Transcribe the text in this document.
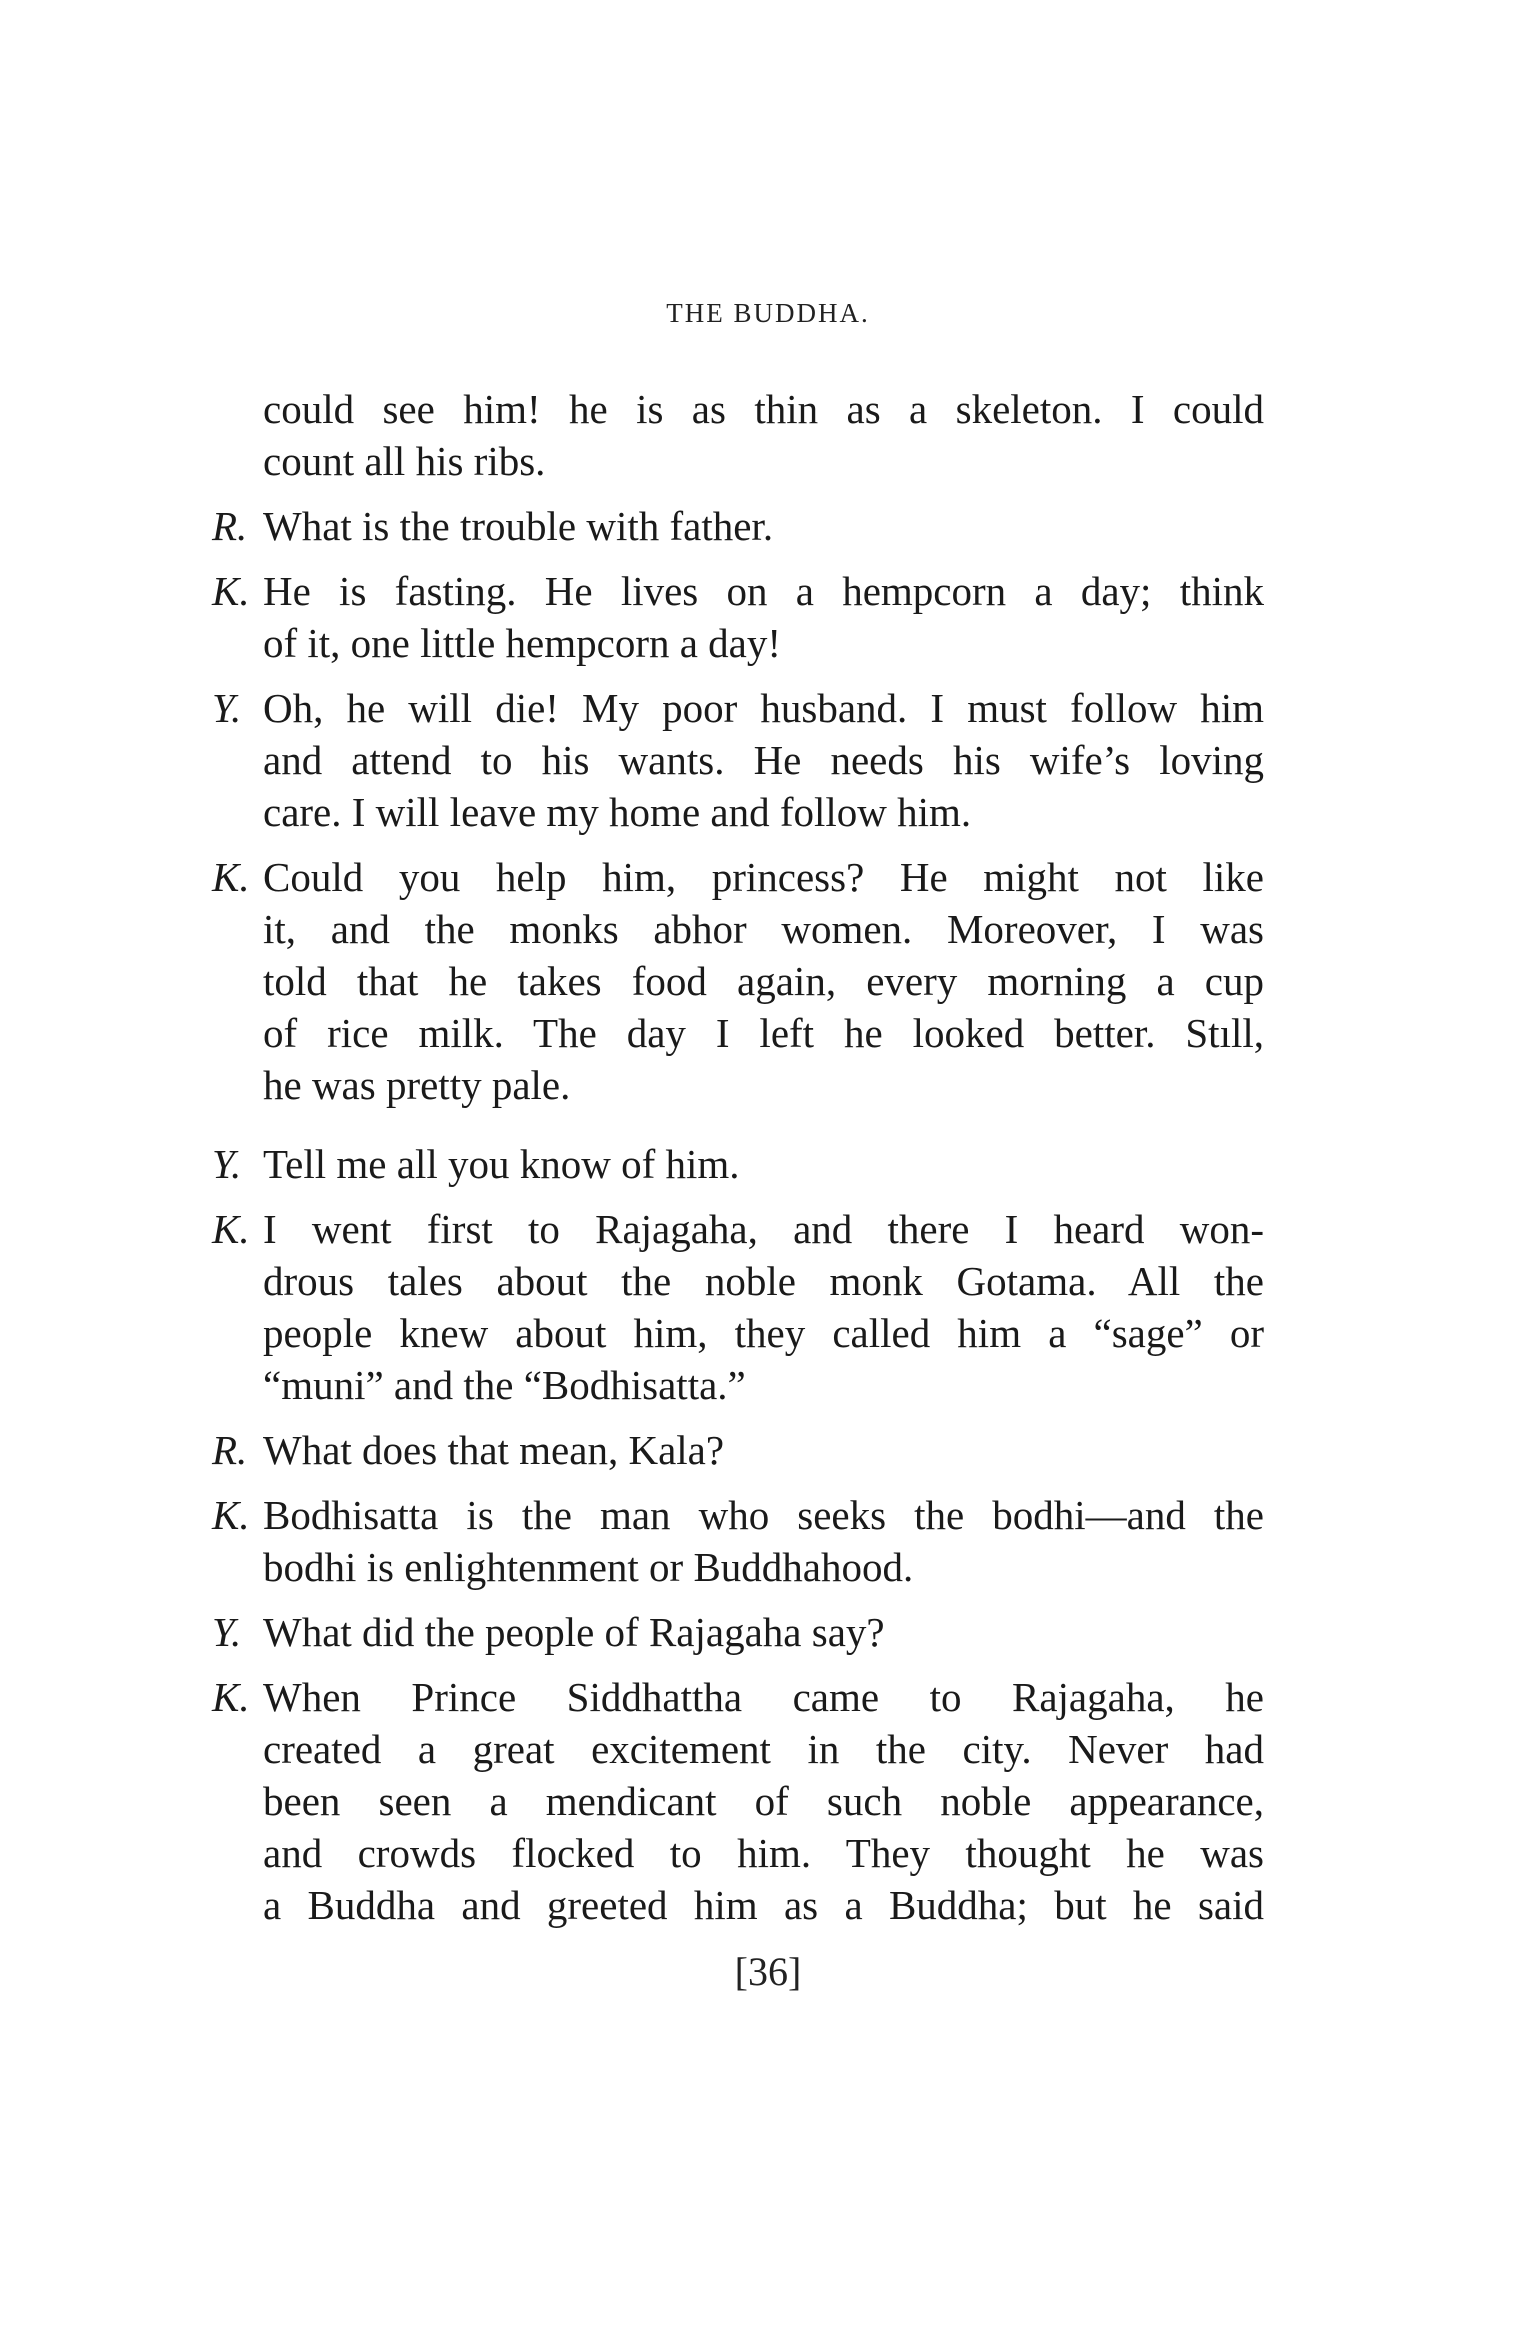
THE BUDDHA.
could see him! he is as thin as a skeleton. I could
count all his ribs.
R. What is the trouble with father.
K. He is fasting. He lives on a hempcorn a day; think
of it, one little hempcorn a day!
Y. Oh, he will die! My poor husband. I must follow him
and attend to his wants. He needs his wife’s loving
care. I will leave my home and follow him.
K. Could you help him, princess? He might not like
it, and the monks abhor women. Moreover, I was
told that he takes food again, every morning a cup
of rice milk. The day I left he looked better. Stıll,
he was pretty pale.
Y. Tell me all you know of him.
K. I went first to Rajagaha, and there I heard won-
drous tales about the noble monk Gotama. All the
people knew about him, they called him a “sage” or
“muni” and the “Bodhisatta.”
R. What does that mean, Kala?
K. Bodhisatta is the man who seeks the bodhi—and the
bodhi is enlightenment or Buddhahood.
Y. What did the people of Rajagaha say?
K. When Prince Siddhattha came to Rajagaha, he
created a great excitement in the city. Never had
been seen a mendicant of such noble appearance,
and crowds flocked to him. They thought he was
a Buddha and greeted him as a Buddha; but he said
[36]
